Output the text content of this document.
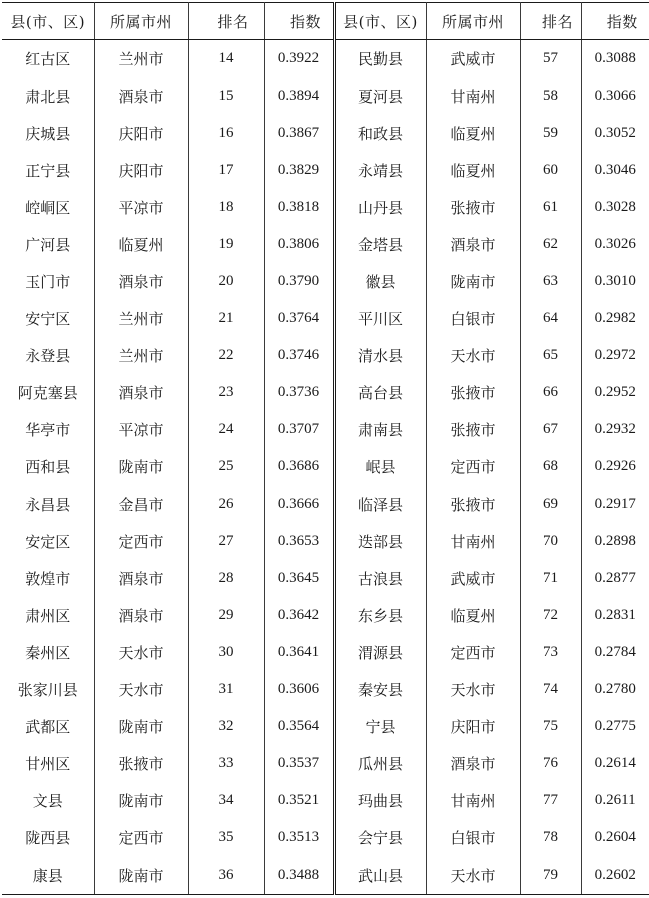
县(市、区)	所属市州	排名	指数	县(市、区)	所属市州	排名	指数
红古区	兰州市	14	0.3922	民勤县	武威市	57	0.3088
肃北县	酒泉市	15	0.3894	夏河县	甘南州	58	0.3066
庆城县	庆阳市	16	0.3867	和政县	临夏州	59	0.3052
正宁县	庆阳市	17	0.3829	永靖县	临夏州	60	0.3046
崆峒区	平凉市	18	0.3818	山丹县	张掖市	61	0.3028
广河县	临夏州	19	0.3806	金塔县	酒泉市	62	0.3026
玉门市	酒泉市	20	0.3790	徽县	陇南市	63	0.3010
安宁区	兰州市	21	0.3764	平川区	白银市	64	0.2982
永登县	兰州市	22	0.3746	清水县	天水市	65	0.2972
阿克塞县	酒泉市	23	0.3736	高台县	张掖市	66	0.2952
华亭市	平凉市	24	0.3707	肃南县	张掖市	67	0.2932
西和县	陇南市	25	0.3686	岷县	定西市	68	0.2926
永昌县	金昌市	26	0.3666	临泽县	张掖市	69	0.2917
安定区	定西市	27	0.3653	迭部县	甘南州	70	0.2898
敦煌市	酒泉市	28	0.3645	古浪县	武威市	71	0.2877
肃州区	酒泉市	29	0.3642	东乡县	临夏州	72	0.2831
秦州区	天水市	30	0.3641	渭源县	定西市	73	0.2784
张家川县	天水市	31	0.3606	秦安县	天水市	74	0.2780
武都区	陇南市	32	0.3564	宁县	庆阳市	75	0.2775
甘州区	张掖市	33	0.3537	瓜州县	酒泉市	76	0.2614
文县	陇南市	34	0.3521	玛曲县	甘南州	77	0.2611
陇西县	定西市	35	0.3513	会宁县	白银市	78	0.2604
康县	陇南市	36	0.3488	武山县	天水市	79	0.2602
